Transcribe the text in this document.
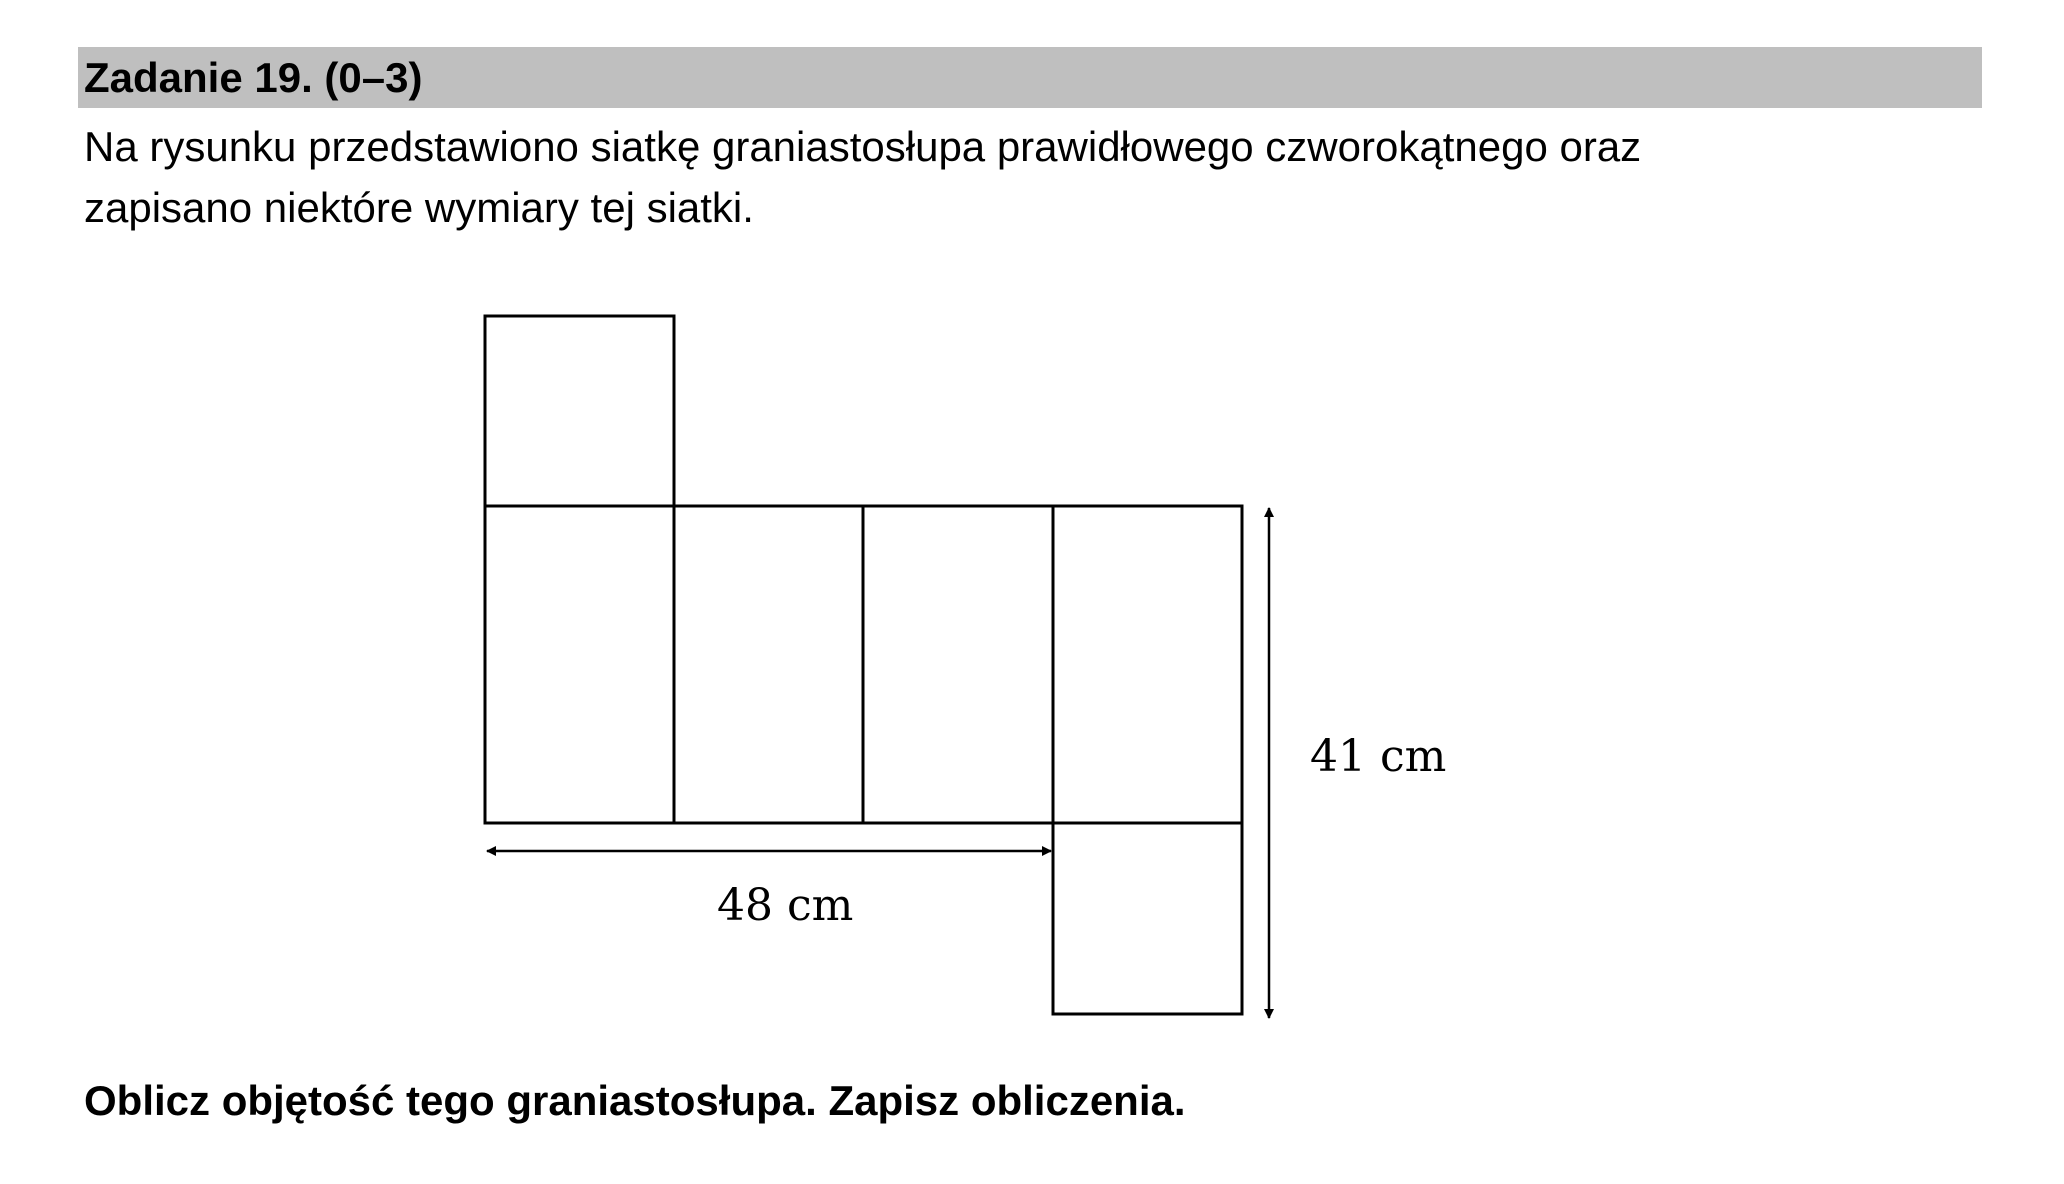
Zadanie 19. (0–3)
Na rysunku przedstawiono siatkę graniastosłupa prawidłowego czworokątnego oraz
zapisano niektóre wymiary tej siatki.
48 cm
41 cm
Oblicz objętość tego graniastosłupa. Zapisz obliczenia.
